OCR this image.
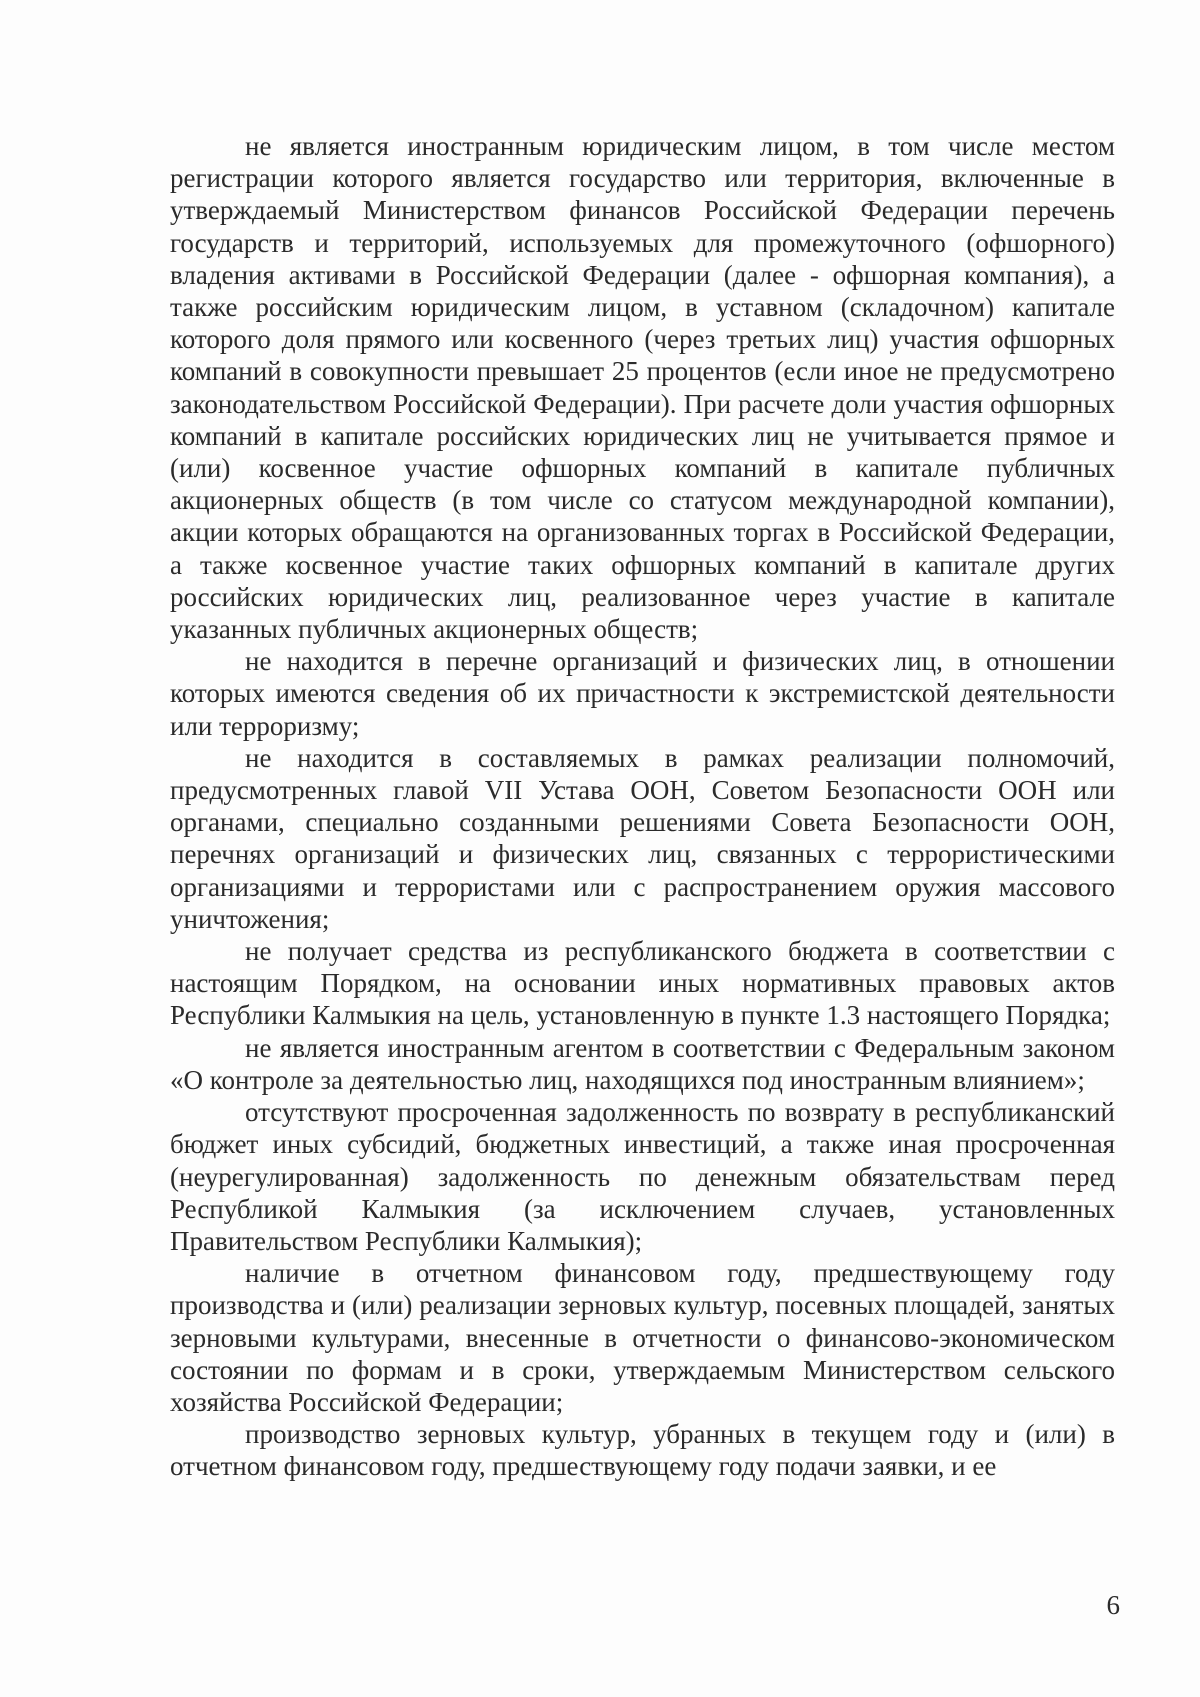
не является иностранным юридическим лицом, в том числе местом регистрации которого является государство или территория, включенные в утверждаемый Министерством финансов Российской Федерации перечень государств и территорий, используемых для промежуточного (офшорного) владения активами в Российской Федерации (далее - офшорная компания), а также российским юридическим лицом, в уставном (складочном) капитале которого доля прямого или косвенного (через третьих лиц) участия офшорных компаний в совокупности превышает 25 процентов (если иное не предусмотрено законодательством Российской Федерации). При расчете доли участия офшорных компаний в капитале российских юридических лиц не учитывается прямое и (или) косвенное участие офшорных компаний в капитале публичных акционерных обществ (в том числе со статусом международной компании), акции которых обращаются на организованных торгах в Российской Федерации, а также косвенное участие таких офшорных компаний в капитале других российских юридических лиц, реализованное через участие в капитале указанных публичных акционерных обществ;

не находится в перечне организаций и физических лиц, в отношении которых имеются сведения об их причастности к экстремистской деятельности или терроризму;

не находится в составляемых в рамках реализации полномочий, предусмотренных главой VII Устава ООН, Советом Безопасности ООН или органами, специально созданными решениями Совета Безопасности ООН, перечнях организаций и физических лиц, связанных с террористическими организациями и террористами или с распространением оружия массового уничтожения;

не получает средства из республиканского бюджета в соответствии с настоящим Порядком, на основании иных нормативных правовых актов Республики Калмыкия на цель, установленную в пункте 1.3 настоящего Порядка;

не является иностранным агентом в соответствии с Федеральным законом «О контроле за деятельностью лиц, находящихся под иностранным влиянием»;

отсутствуют просроченная задолженность по возврату в республиканский бюджет иных субсидий, бюджетных инвестиций, а также иная просроченная (неурегулированная) задолженность по денежным обязательствам перед Республикой Калмыкия (за исключением случаев, установленных Правительством Республики Калмыкия);

наличие в отчетном финансовом году, предшествующему году производства и (или) реализации зерновых культур, посевных площадей, занятых зерновыми культурами, внесенные в отчетности о финансово-экономическом состоянии по формам и в сроки, утверждаемым Министерством сельского хозяйства Российской Федерации;

производство зерновых культур, убранных в текущем году и (или) в отчетном финансовом году, предшествующему году подачи заявки, и ее

6
